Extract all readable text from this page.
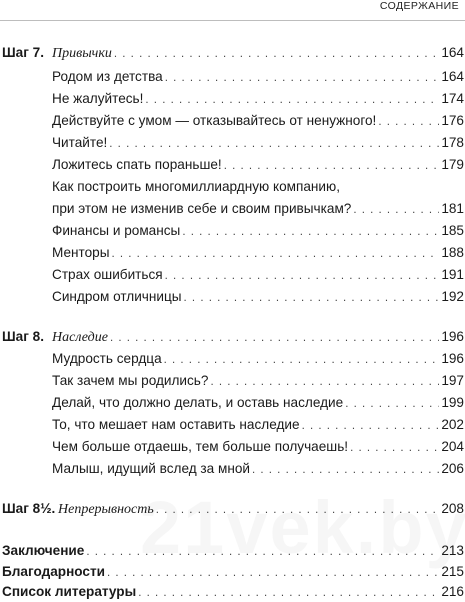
СОДЕРЖАНИЕ
Шаг 7. Привычки . . .	164
Родом из детства . . .	164
Не жалуйтесь! . . .	174
Действуйте с умом — отказывайтесь от ненужного! . . .	176
Читайте! . . .	178
Ложитесь спать пораньше! . . .	179
Как построить многомиллиардную компанию,
при этом не изменив себе и своим привычкам? . . .	181
Финансы и романсы . . .	185
Менторы . . .	188
Страх ошибиться . . .	191
Синдром отличницы . . .	192
Шаг 8. Наследие . . .	196
Мудрость сердца . . .	196
Так зачем мы родились? . . .	197
Делай, что должно делать, и оставь наследие . . .	199
То, что мешает нам оставить наследие . . .	202
Чем больше отдаешь, тем больше получаешь! . . .	204
Малыш, идущий вслед за мной . . .	206
Шаг 8½. Непрерывность . . .	208
Заключение . . .	213
Благодарности . . .	215
Список литературы . . .	216
